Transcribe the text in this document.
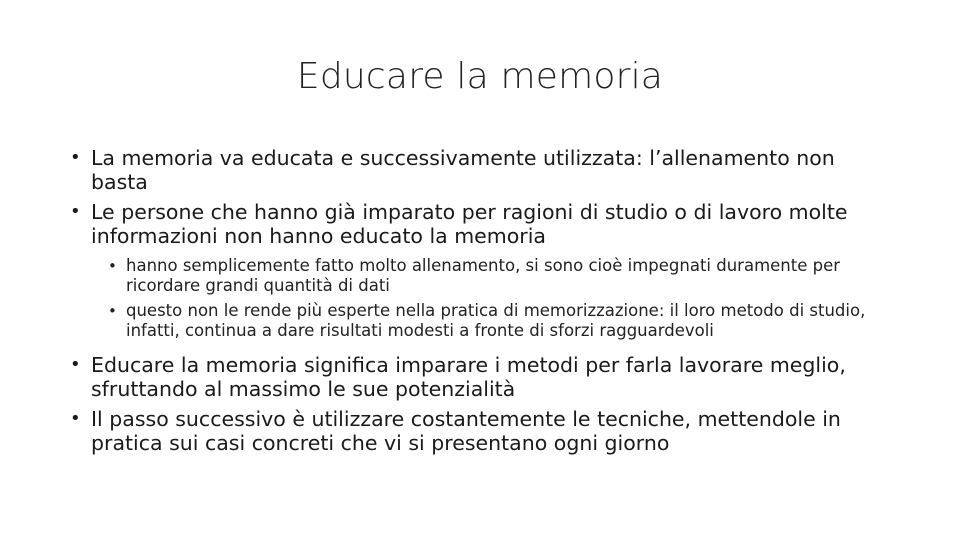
Educare la memoria
• La memoria va educata e successivamente utilizzata: l’allenamento non basta
• Le persone che hanno già imparato per ragioni di studio o di lavoro molte informazioni non hanno educato la memoria
• hanno semplicemente fatto molto allenamento, si sono cioè impegnati duramente per ricordare grandi quantità di dati
• questo non le rende più esperte nella pratica di memorizzazione: il loro metodo di studio, infatti, continua a dare risultati modesti a fronte di sforzi ragguardevoli
• Educare la memoria significa imparare i metodi per farla lavorare meglio, sfruttando al massimo le sue potenzialità
• Il passo successivo è utilizzare costantemente le tecniche, mettendole in pratica sui casi concreti che vi si presentano ogni giorno
